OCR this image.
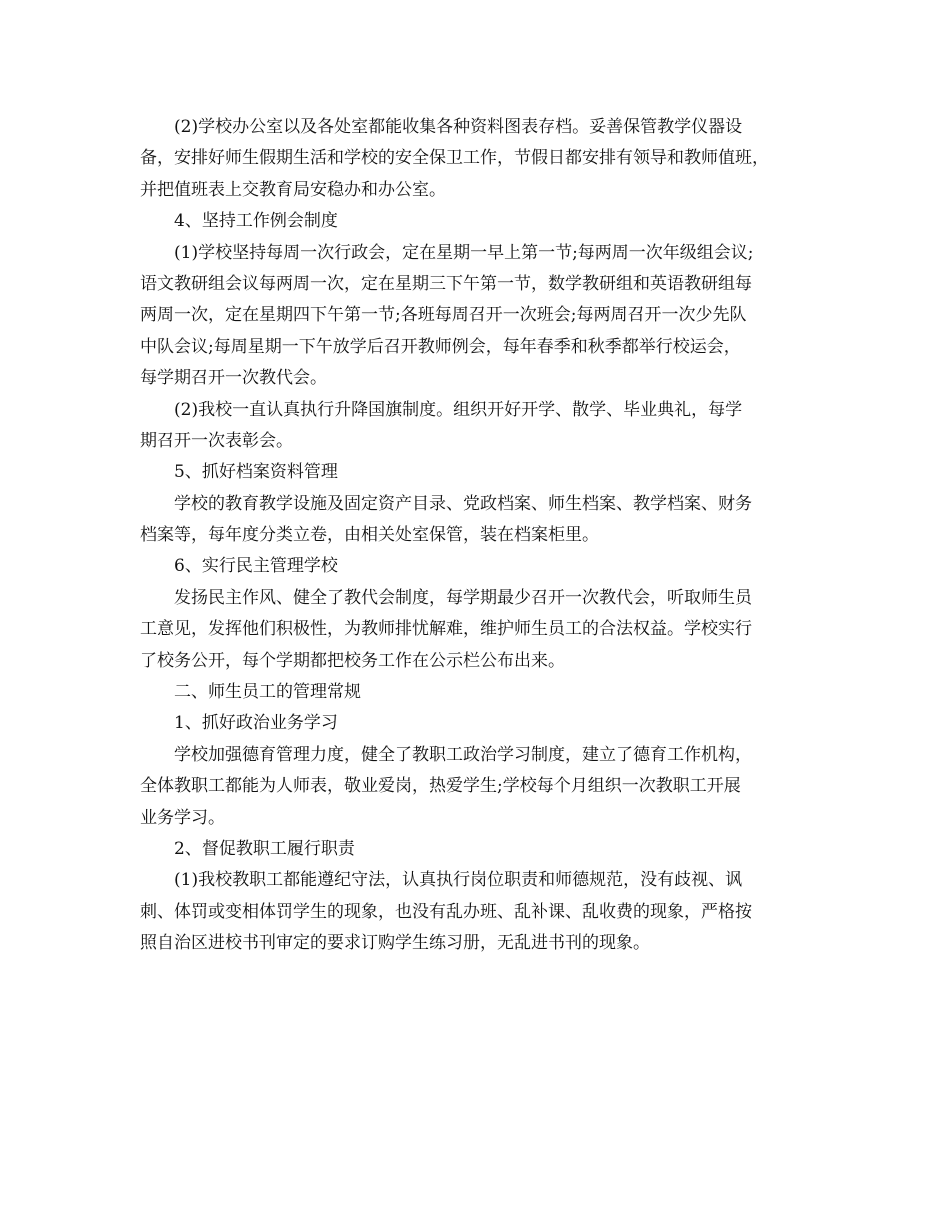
(2)学校办公室以及各处室都能收集各种资料图表存档。妥善保管教学仪器设

备，安排好师生假期生活和学校的安全保卫工作，节假日都安排有领导和教师值班，

并把值班表上交教育局安稳办和办公室。

4、坚持工作例会制度

(1)学校坚持每周一次行政会，定在星期一早上第一节;每两周一次年级组会议;

语文教研组会议每两周一次，定在星期三下午第一节，数学教研组和英语教研组每

两周一次，定在星期四下午第一节;各班每周召开一次班会;每两周召开一次少先队

中队会议;每周星期一下午放学后召开教师例会，每年春季和秋季都举行校运会，

每学期召开一次教代会。

(2)我校一直认真执行升降国旗制度。组织开好开学、散学、毕业典礼，每学

期召开一次表彰会。

5、抓好档案资料管理

学校的教育教学设施及固定资产目录、党政档案、师生档案、教学档案、财务

档案等，每年度分类立卷，由相关处室保管，装在档案柜里。

6、实行民主管理学校

发扬民主作风、健全了教代会制度，每学期最少召开一次教代会，听取师生员

工意见，发挥他们积极性，为教师排忧解难，维护师生员工的合法权益。学校实行

了校务公开，每个学期都把校务工作在公示栏公布出来。

二、师生员工的管理常规

1、抓好政治业务学习

学校加强德育管理力度，健全了教职工政治学习制度，建立了德育工作机构，

全体教职工都能为人师表，敬业爱岗，热爱学生;学校每个月组织一次教职工开展

业务学习。

2、督促教职工履行职责

(1)我校教职工都能遵纪守法，认真执行岗位职责和师德规范，没有歧视、讽

刺、体罚或变相体罚学生的现象，也没有乱办班、乱补课、乱收费的现象，严格按

照自治区进校书刊审定的要求订购学生练习册，无乱进书刊的现象。
